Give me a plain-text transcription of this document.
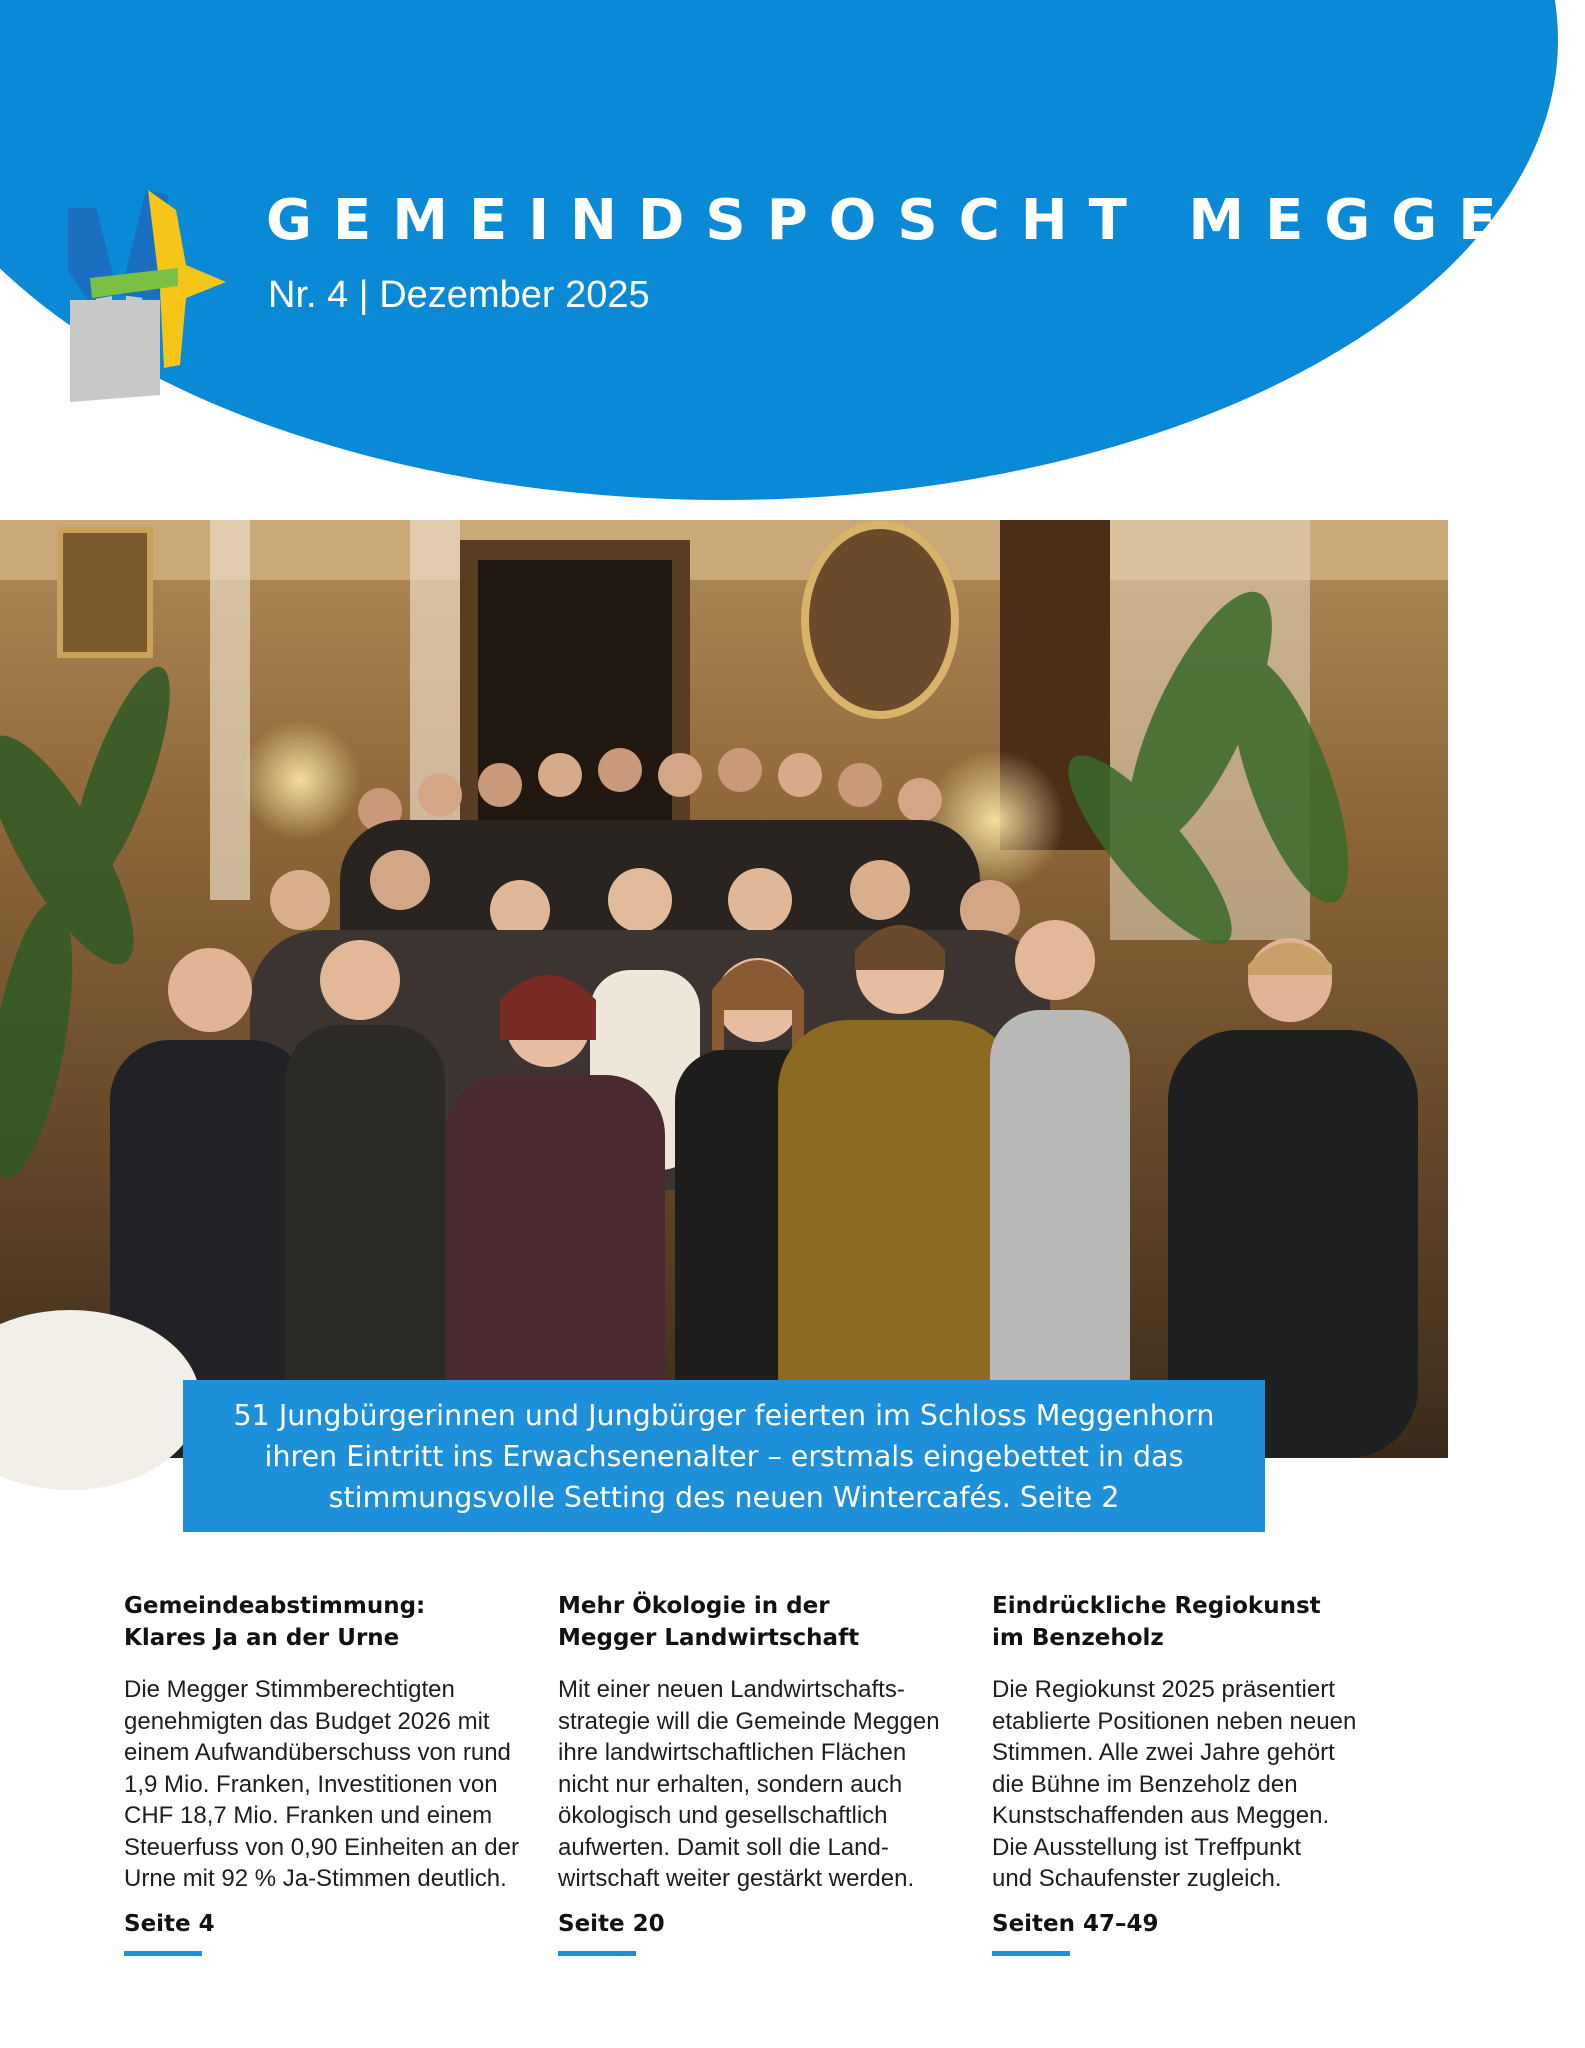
GEMEINDSPOSCHT MEGGEN
Nr. 4 | Dezember 2025
51 Jungbürgerinnen und Jungbürger feierten im Schloss Meggenhorn
ihren Eintritt ins Erwachsenenalter – erstmals eingebettet in das
stimmungsvolle Setting des neuen Wintercafés. Seite 2
Gemeindeabstimmung:
Klares Ja an der Urne
Die Megger Stimmberechtigten
genehmigten das Budget 2026 mit
einem Aufwandüberschuss von rund
1,9 Mio. Franken, Investitionen von
CHF 18,7 Mio. Franken und einem
Steuerfuss von 0,90 Einheiten an der
Urne mit 92 % Ja-Stimmen deutlich.
Seite 4
Mehr Ökologie in der
Megger Landwirtschaft
Mit einer neuen Landwirtschafts-
strategie will die Gemeinde Meggen
ihre landwirtschaftlichen Flächen
nicht nur erhalten, sondern auch
ökologisch und gesellschaftlich
aufwerten. Damit soll die Land-
wirtschaft weiter gestärkt werden.
Seite 20
Eindrückliche Regiokunst
im Benzeholz
Die Regiokunst 2025 präsentiert
etablierte Positionen neben neuen
Stimmen. Alle zwei Jahre gehört
die Bühne im Benzeholz den
Kunstschaffenden aus Meggen.
Die Ausstellung ist Treffpunkt
und Schaufenster zugleich.
Seiten 47–49
